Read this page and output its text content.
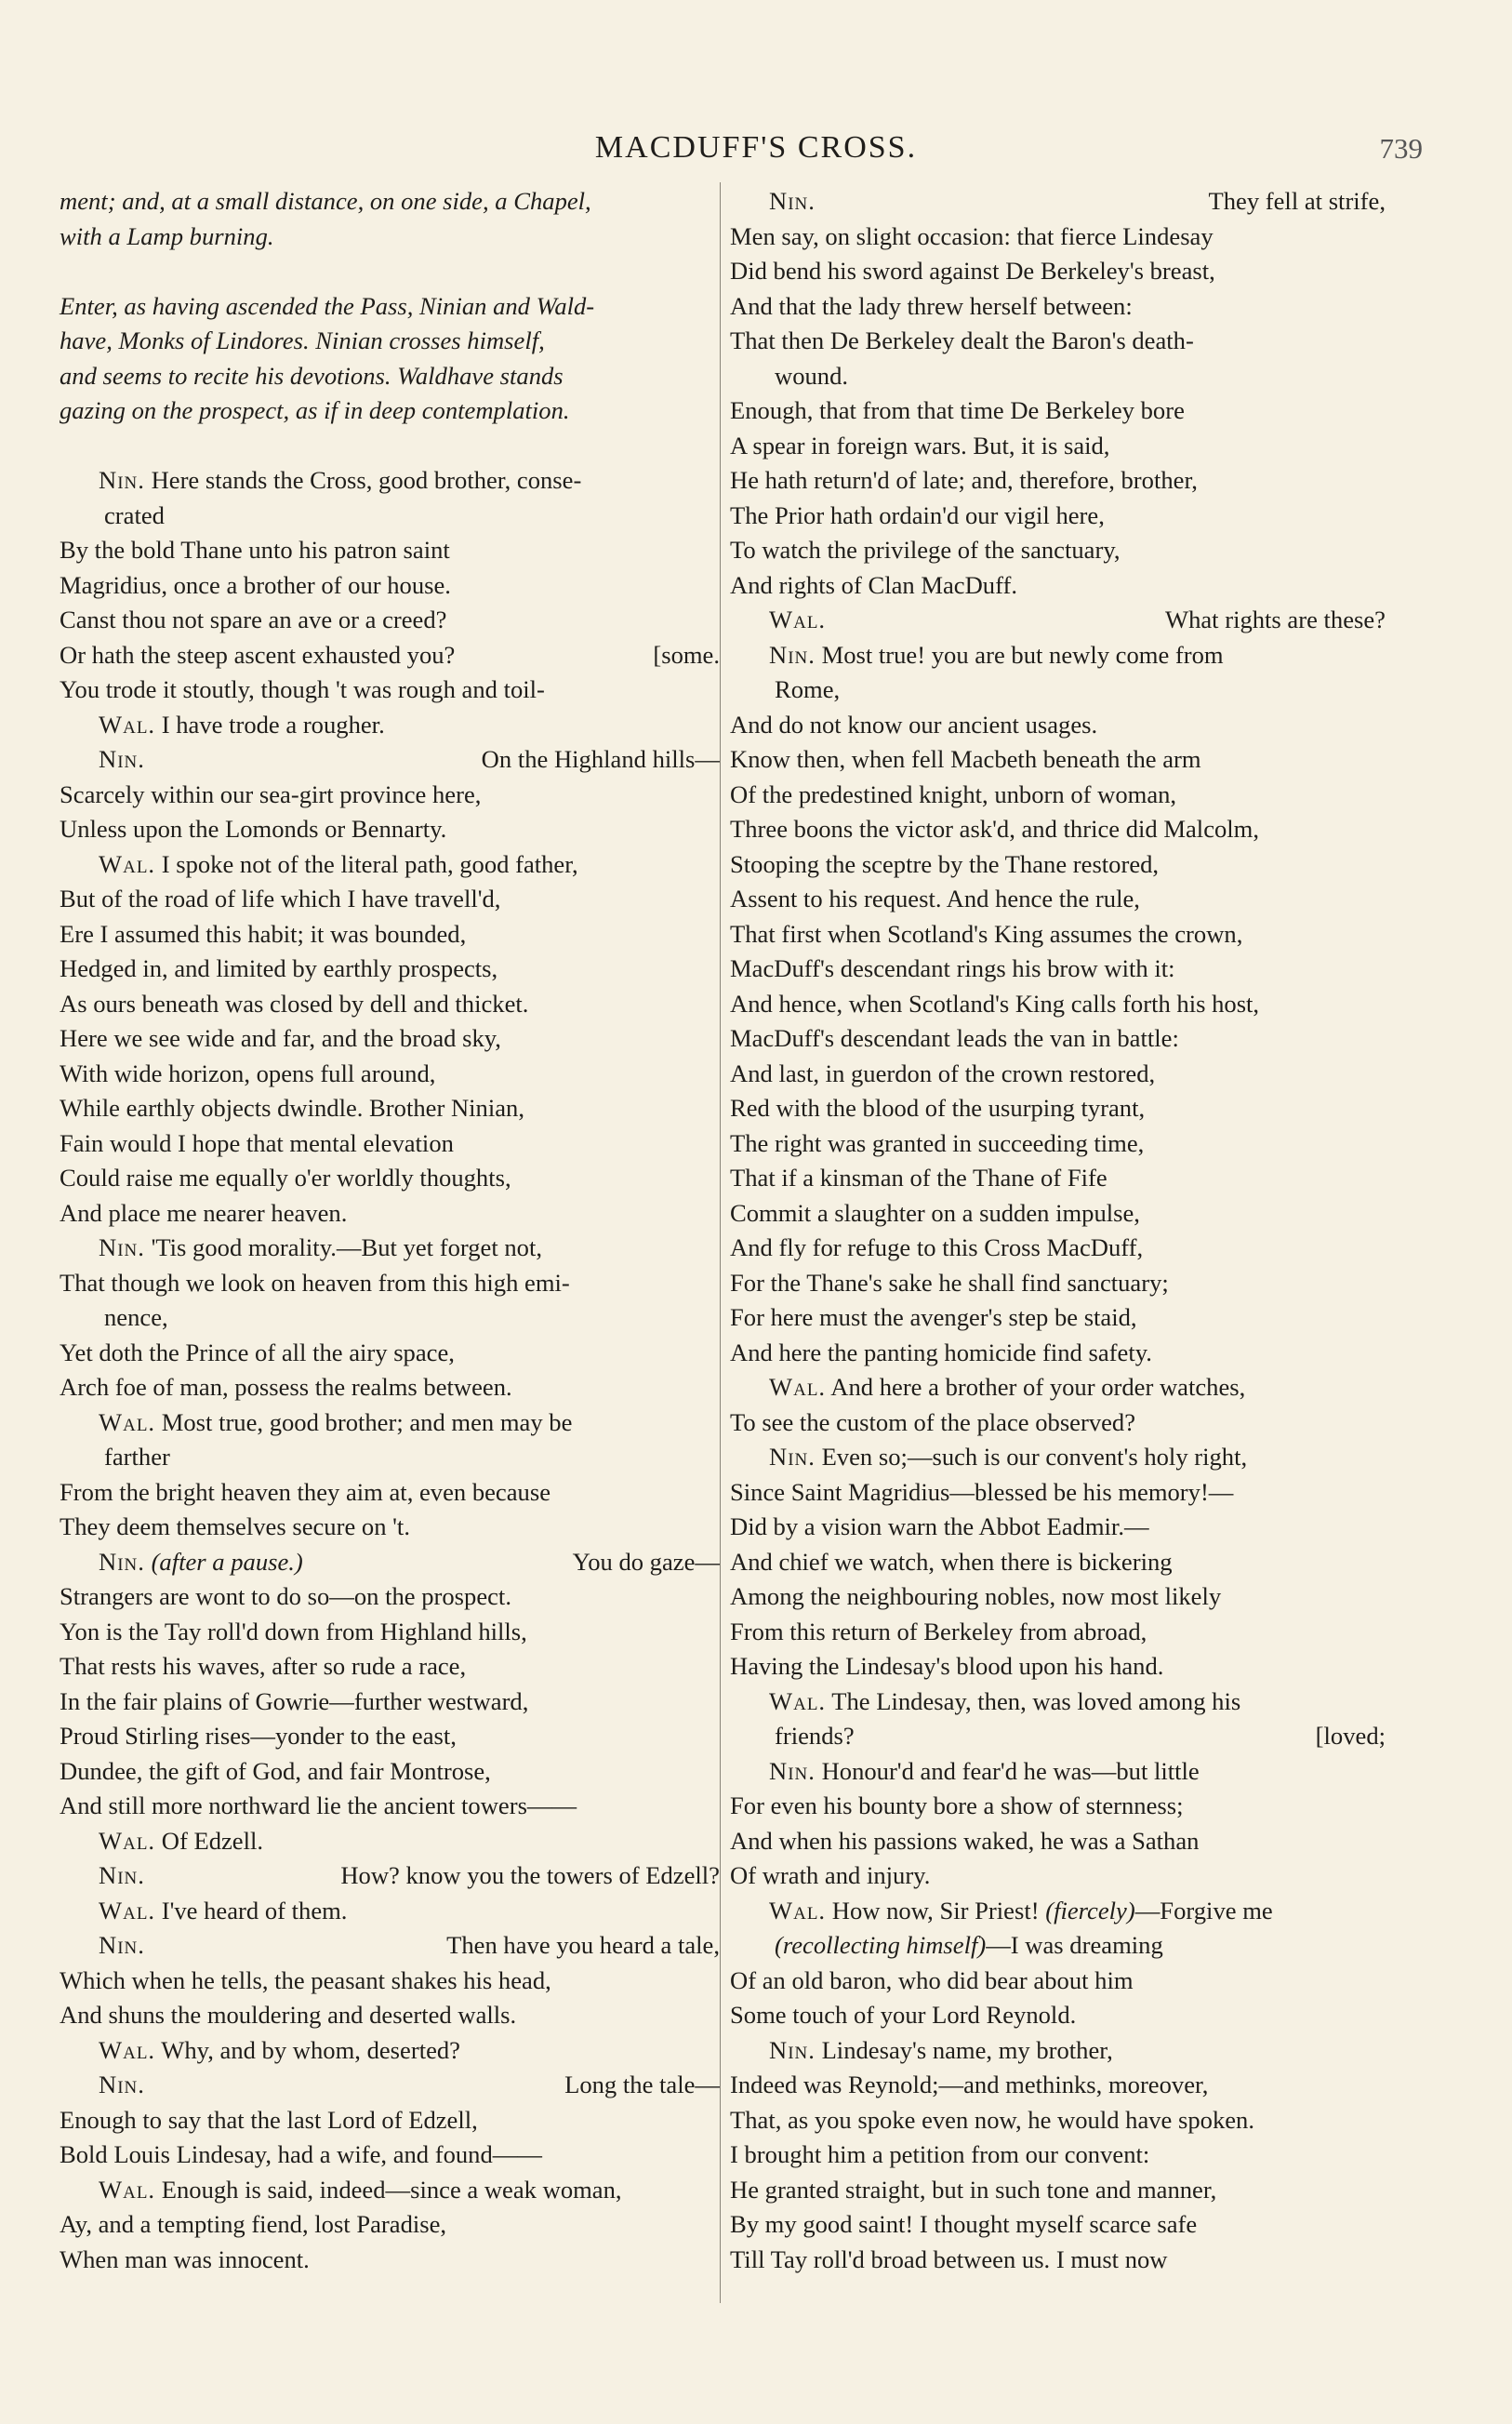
MACDUFF'S CROSS.	739
ment; and, at a small distance, on one side, a Chapel,
with a Lamp burning.
Enter, as having ascended the Pass, Ninian and Wald-
have, Monks of Lindores. Ninian crosses himself,
and seems to recite his devotions. Waldhave stands
gazing on the prospect, as if in deep contemplation.
Nin. Here stands the Cross, good brother, conse-
crated
By the bold Thane unto his patron saint
Magridius, once a brother of our house.
Canst thou not spare an ave or a creed?
Or hath the steep ascent exhausted you?	[some.
You trode it stoutly, though 't was rough and toil-
Wal. I have trode a rougher.
Nin.	On the Highland hills—
Scarcely within our sea-girt province here,
Unless upon the Lomonds or Bennarty.
Wal. I spoke not of the literal path, good father,
But of the road of life which I have travell'd,
Ere I assumed this habit; it was bounded,
Hedged in, and limited by earthly prospects,
As ours beneath was closed by dell and thicket.
Here we see wide and far, and the broad sky,
With wide horizon, opens full around,
While earthly objects dwindle. Brother Ninian,
Fain would I hope that mental elevation
Could raise me equally o'er worldly thoughts,
And place me nearer heaven.
Nin. 'Tis good morality.—But yet forget not,
That though we look on heaven from this high emi-
nence,
Yet doth the Prince of all the airy space,
Arch foe of man, possess the realms between.
Wal. Most true, good brother; and men may be
farther
From the bright heaven they aim at, even because
They deem themselves secure on 't.
Nin. (after a pause.)	You do gaze—
Strangers are wont to do so—on the prospect.
Yon is the Tay roll'd down from Highland hills,
That rests his waves, after so rude a race,
In the fair plains of Gowrie—further westward,
Proud Stirling rises—yonder to the east,
Dundee, the gift of God, and fair Montrose,
And still more northward lie the ancient towers——
Wal. Of Edzell.
Nin.	How? know you the towers of Edzell?
Wal. I've heard of them.
Nin.	Then have you heard a tale,
Which when he tells, the peasant shakes his head,
And shuns the mouldering and deserted walls.
Wal. Why, and by whom, deserted?
Nin.	Long the tale—
Enough to say that the last Lord of Edzell,
Bold Louis Lindesay, had a wife, and found——
Wal. Enough is said, indeed—since a weak woman,
Ay, and a tempting fiend, lost Paradise,
When man was innocent.
Nin.	They fell at strife,
Men say, on slight occasion: that fierce Lindesay
Did bend his sword against De Berkeley's breast,
And that the lady threw herself between:
That then De Berkeley dealt the Baron's death-
wound.
Enough, that from that time De Berkeley bore
A spear in foreign wars. But, it is said,
He hath return'd of late; and, therefore, brother,
The Prior hath ordain'd our vigil here,
To watch the privilege of the sanctuary,
And rights of Clan MacDuff.
Wal.	What rights are these?
Nin. Most true! you are but newly come from
Rome,
And do not know our ancient usages.
Know then, when fell Macbeth beneath the arm
Of the predestined knight, unborn of woman,
Three boons the victor ask'd, and thrice did Malcolm,
Stooping the sceptre by the Thane restored,
Assent to his request. And hence the rule,
That first when Scotland's King assumes the crown,
MacDuff's descendant rings his brow with it:
And hence, when Scotland's King calls forth his host,
MacDuff's descendant leads the van in battle:
And last, in guerdon of the crown restored,
Red with the blood of the usurping tyrant,
The right was granted in succeeding time,
That if a kinsman of the Thane of Fife
Commit a slaughter on a sudden impulse,
And fly for refuge to this Cross MacDuff,
For the Thane's sake he shall find sanctuary;
For here must the avenger's step be staid,
And here the panting homicide find safety.
Wal. And here a brother of your order watches,
To see the custom of the place observed?
Nin. Even so;—such is our convent's holy right,
Since Saint Magridius—blessed be his memory!—
Did by a vision warn the Abbot Eadmir.—
And chief we watch, when there is bickering
Among the neighbouring nobles, now most likely
From this return of Berkeley from abroad,
Having the Lindesay's blood upon his hand.
Wal. The Lindesay, then, was loved among his
friends?	[loved;
Nin. Honour'd and fear'd he was—but little
For even his bounty bore a show of sternness;
And when his passions waked, he was a Sathan
Of wrath and injury.
Wal. How now, Sir Priest! (fiercely)—Forgive me
(recollecting himself)—I was dreaming
Of an old baron, who did bear about him
Some touch of your Lord Reynold.
Nin. Lindesay's name, my brother,
Indeed was Reynold;—and methinks, moreover,
That, as you spoke even now, he would have spoken.
I brought him a petition from our convent:
He granted straight, but in such tone and manner,
By my good saint! I thought myself scarce safe
Till Tay roll'd broad between us. I must now
